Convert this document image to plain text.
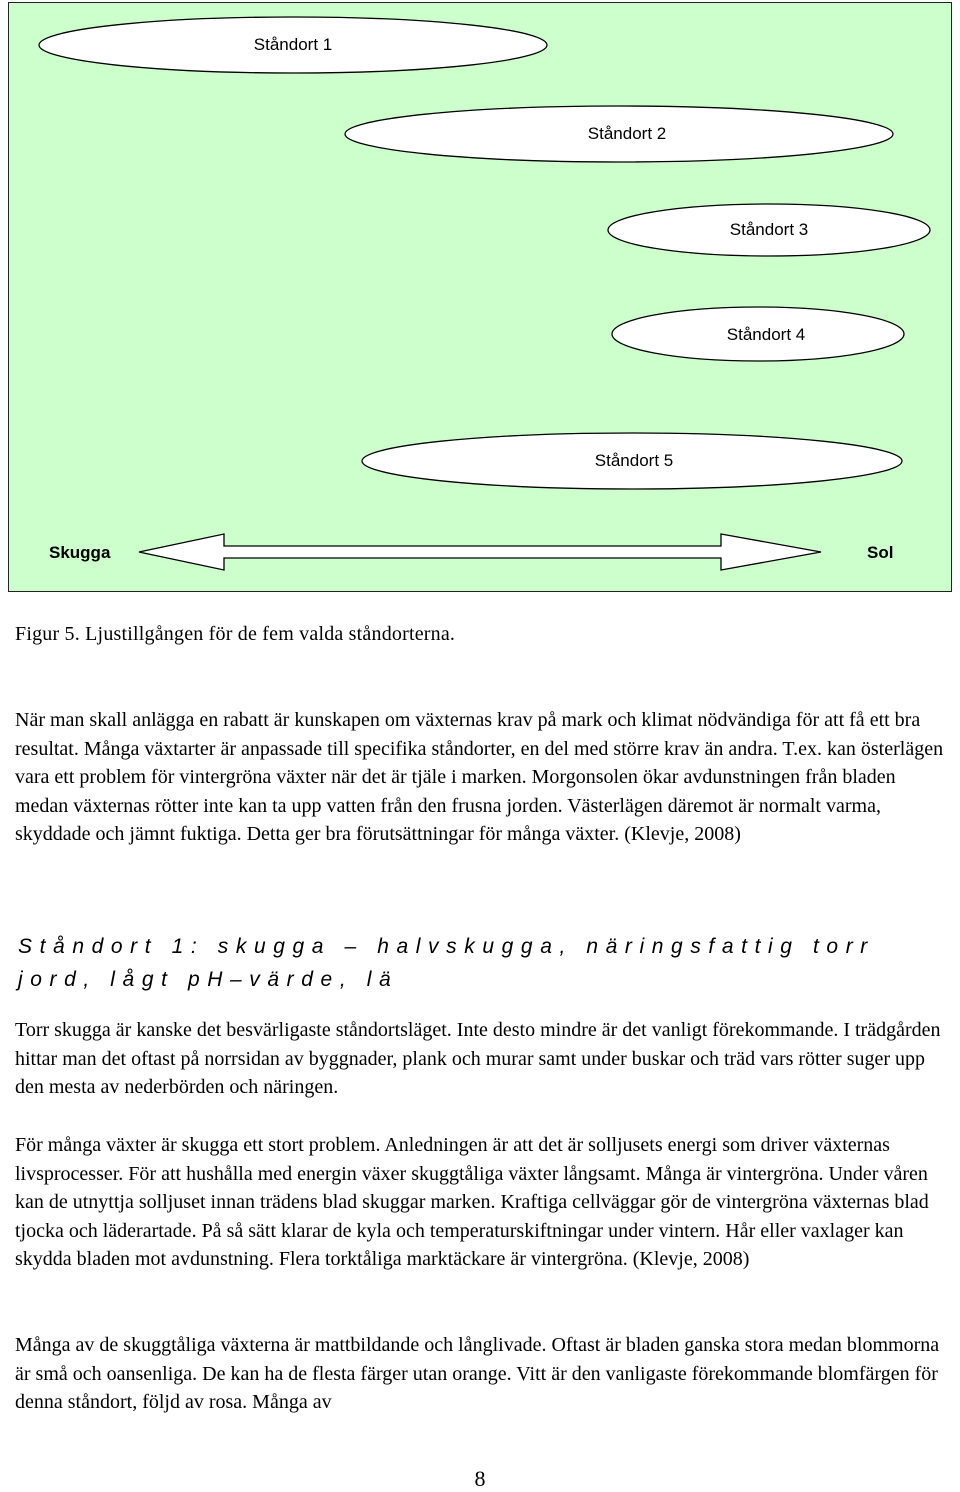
Ståndort 1
Ståndort 2
Ståndort 3
Ståndort 4
Ståndort 5
Skugga	Sol
Figur 5. Ljustillgången för de fem valda ståndorterna.

När man skall anlägga en rabatt är kunskapen om växternas krav på mark och klimat nödvändiga för att få ett bra resultat. Många växtarter är anpassade till specifika ståndorter, en del med större krav än andra. T.ex. kan österlägen vara ett problem för vintergröna växter när det är tjäle i marken. Morgonsolen ökar avdunstningen från bladen medan växternas rötter inte kan ta upp vatten från den frusna jorden. Västerlägen däremot är normalt varma, skyddade och jämnt fuktiga. Detta ger bra förutsättningar för många växter. (Klevje, 2008)

Ståndort 1: skugga – halvskugga, näringsfattig torr jord, lågt pH–värde, lä

Torr skugga är kanske det besvärligaste ståndortsläget. Inte desto mindre är det vanligt förekommande. I trädgården hittar man det oftast på norrsidan av byggnader, plank och murar samt under buskar och träd vars rötter suger upp den mesta av nederbörden och näringen.

För många växter är skugga ett stort problem. Anledningen är att det är solljusets energi som driver växternas livsprocesser. För att hushålla med energin växer skuggtåliga växter långsamt. Många är vintergröna. Under våren kan de utnyttja solljuset innan trädens blad skuggar marken. Kraftiga cellväggar gör de vintergröna växternas blad tjocka och läderartade. På så sätt klarar de kyla och temperaturskiftningar under vintern. Hår eller vaxlager kan skydda bladen mot avdunstning. Flera torktåliga marktäckare är vintergröna. (Klevje, 2008)

Många av de skuggtåliga växterna är mattbildande och långlivade. Oftast är bladen ganska stora medan blommorna är små och oansenliga. De kan ha de flesta färger utan orange. Vitt är den vanligaste förekommande blomfärgen för denna ståndort, följd av rosa. Många av

8
